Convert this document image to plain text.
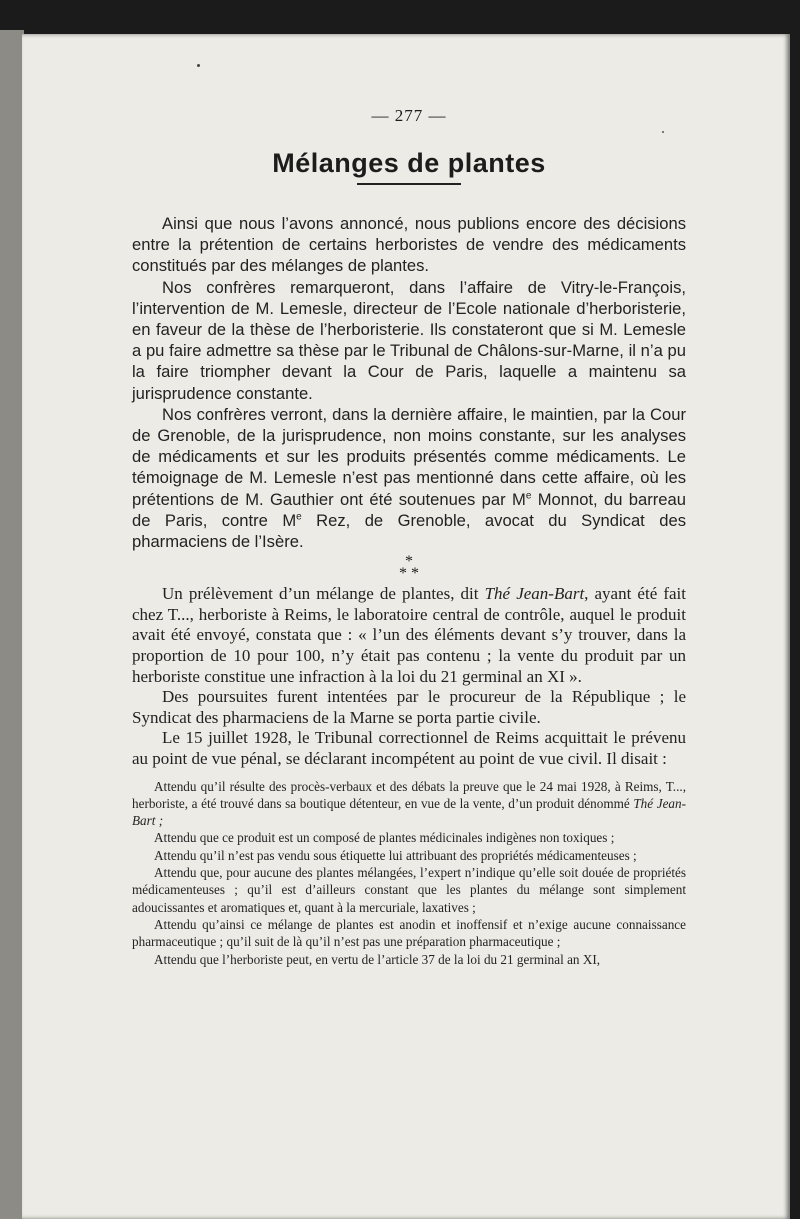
— 277 —

Mélanges de plantes

Ainsi que nous l’avons annoncé, nous publions encore des décisions entre la prétention de certains herboristes de vendre des médicaments constitués par des mélanges de plantes.

Nos confrères remarqueront, dans l’affaire de Vitry-le-François, l’intervention de M. Lemesle, directeur de l’Ecole nationale d’herboristerie, en faveur de la thèse de l’herboristerie. Ils constateront que si M. Lemesle a pu faire admettre sa thèse par le Tribunal de Châlons-sur-Marne, il n’a pu la faire triompher devant la Cour de Paris, laquelle a maintenu sa jurisprudence constante.

Nos confrères verront, dans la dernière affaire, le maintien, par la Cour de Grenoble, de la jurisprudence, non moins constante, sur les analyses de médicaments et sur les produits présentés comme médicaments. Le témoignage de M. Lemesle n’est pas mentionné dans cette affaire, où les prétentions de M. Gauthier ont été soutenues par Me Monnot, du barreau de Paris, contre Me Rez, de Grenoble, avocat du Syndicat des pharmaciens de l’Isère.

*
* *

Un prélèvement d’un mélange de plantes, dit Thé Jean-Bart, ayant été fait chez T..., herboriste à Reims, le laboratoire central de contrôle, auquel le produit avait été envoyé, constata que : « l’un des éléments devant s’y trouver, dans la proportion de 10 pour 100, n’y était pas contenu ; la vente du produit par un herboriste constitue une infraction à la loi du 21 germinal an XI ».

Des poursuites furent intentées par le procureur de la République ; le Syndicat des pharmaciens de la Marne se porta partie civile.

Le 15 juillet 1928, le Tribunal correctionnel de Reims acquittait le prévenu au point de vue pénal, se déclarant incompétent au point de vue civil. Il disait :

Attendu qu’il résulte des procès-verbaux et des débats la preuve que le 24 mai 1928, à Reims, T..., herboriste, a été trouvé dans sa boutique détenteur, en vue de la vente, d’un produit dénommé Thé Jean-Bart ;

Attendu que ce produit est un composé de plantes médicinales indigènes non toxiques ;

Attendu qu’il n’est pas vendu sous étiquette lui attribuant des propriétés médicamenteuses ;

Attendu que, pour aucune des plantes mélangées, l’expert n’indique qu’elle soit douée de propriétés médicamenteuses ; qu’il est d’ailleurs constant que les plantes du mélange sont simplement adoucissantes et aromatiques et, quant à la mercuriale, laxatives ;

Attendu qu’ainsi ce mélange de plantes est anodin et inoffensif et n’exige aucune connaissance pharmaceutique ; qu’il suit de là qu’il n’est pas une préparation pharmaceutique ;

Attendu que l’herboriste peut, en vertu de l’article 37 de la loi du 21 germinal an XI,
